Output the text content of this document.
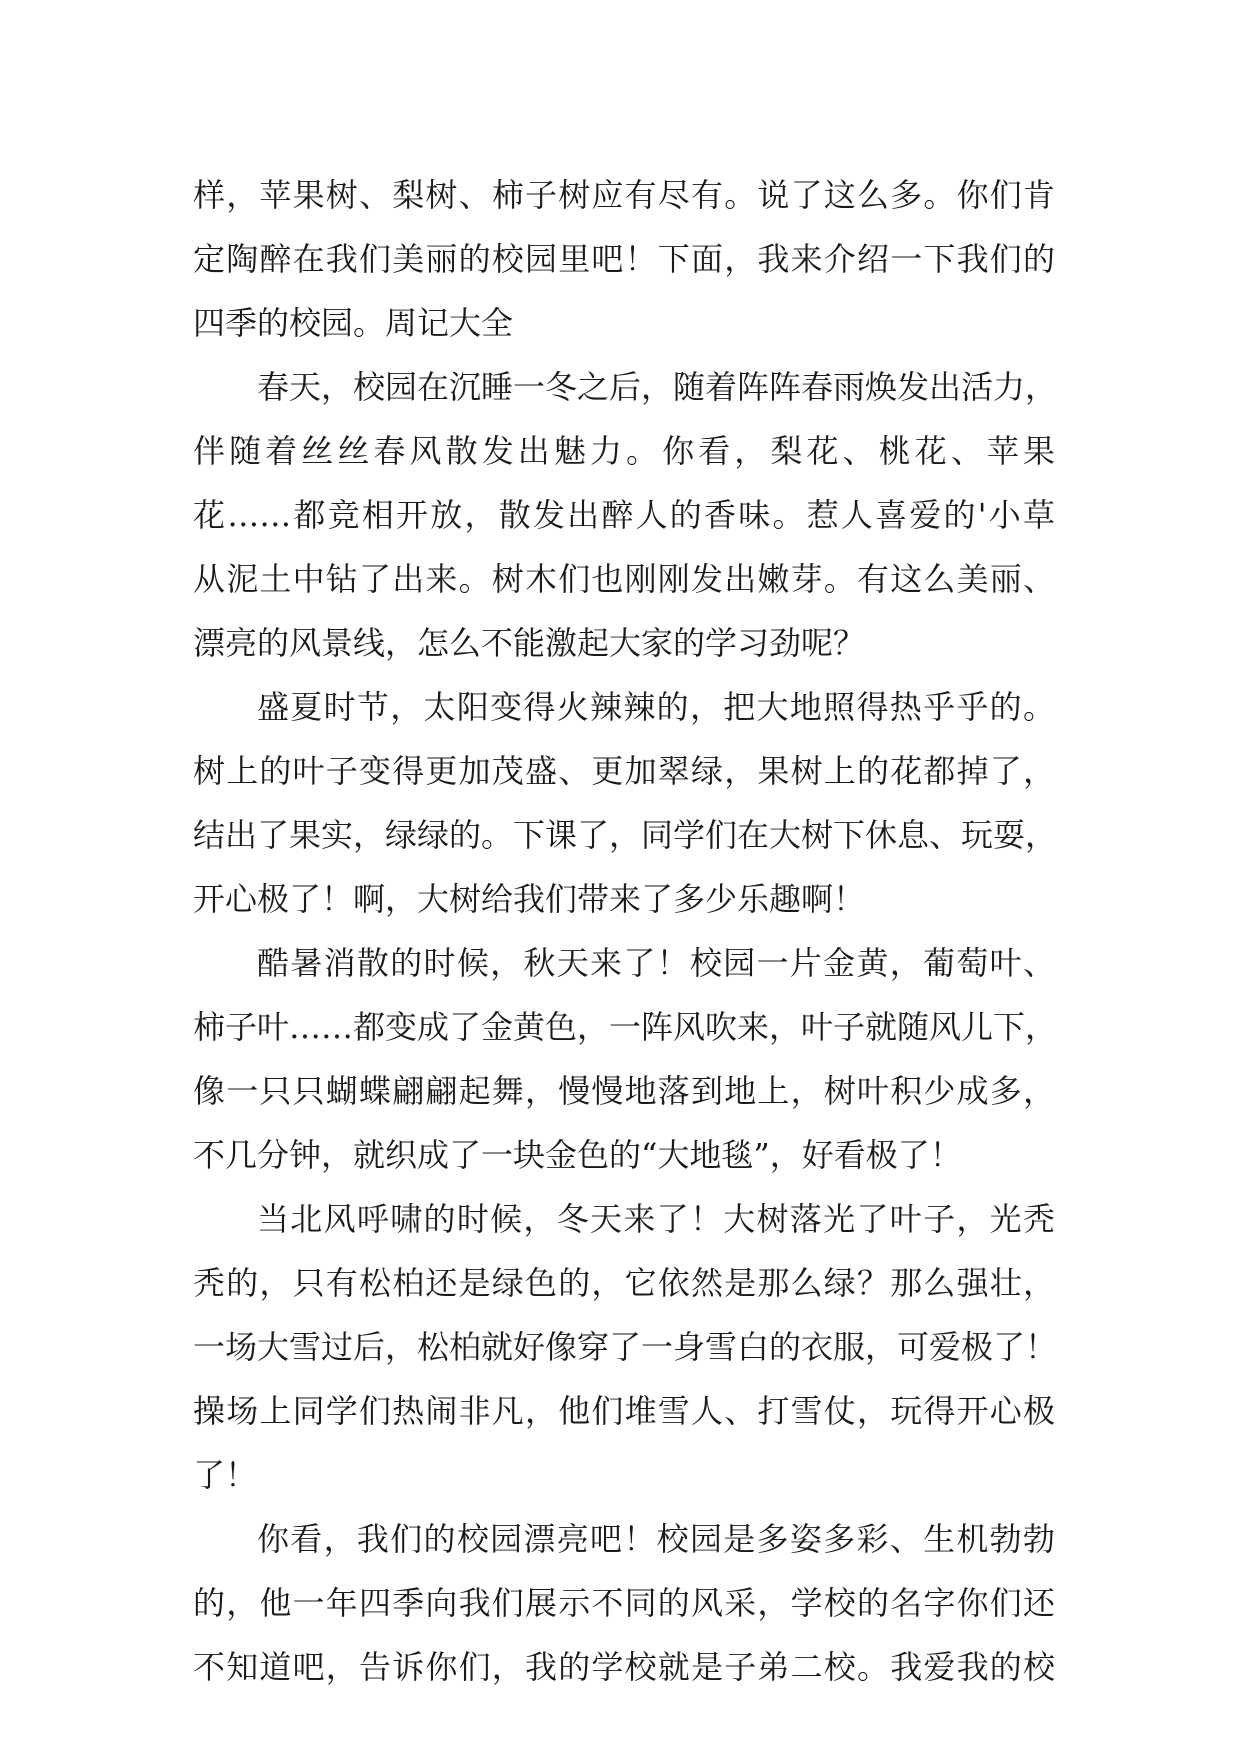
样，苹果树、梨树、柿子树应有尽有。说了这么多。你们肯
定陶醉在我们美丽的校园里吧！下面，我来介绍一下我们的
四季的校园。周记大全
春天，校园在沉睡一冬之后，随着阵阵春雨焕发出活力，
伴随着丝丝春风散发出魅力。你看，梨花、桃花、苹果
花……都竞相开放，散发出醉人的香味。惹人喜爱的'小草
从泥土中钻了出来。树木们也刚刚发出嫩芽。有这么美丽、
漂亮的风景线，怎么不能激起大家的学习劲呢？
盛夏时节，太阳变得火辣辣的，把大地照得热乎乎的。
树上的叶子变得更加茂盛、更加翠绿，果树上的花都掉了，
结出了果实，绿绿的。下课了，同学们在大树下休息、玩耍，
开心极了！啊，大树给我们带来了多少乐趣啊！
酷暑消散的时候，秋天来了！校园一片金黄，葡萄叶、
柿子叶……都变成了金黄色，一阵风吹来，叶子就随风儿下，
像一只只蝴蝶翩翩起舞，慢慢地落到地上，树叶积少成多，
不几分钟，就织成了一块金色的“大地毯”，好看极了！
当北风呼啸的时候，冬天来了！大树落光了叶子，光秃
秃的，只有松柏还是绿色的，它依然是那么绿？那么强壮，
一场大雪过后，松柏就好像穿了一身雪白的衣服，可爱极了！
操场上同学们热闹非凡，他们堆雪人、打雪仗，玩得开心极
了！
你看，我们的校园漂亮吧！校园是多姿多彩、生机勃勃
的，他一年四季向我们展示不同的风采，学校的名字你们还
不知道吧，告诉你们，我的学校就是子弟二校。我爱我的校
